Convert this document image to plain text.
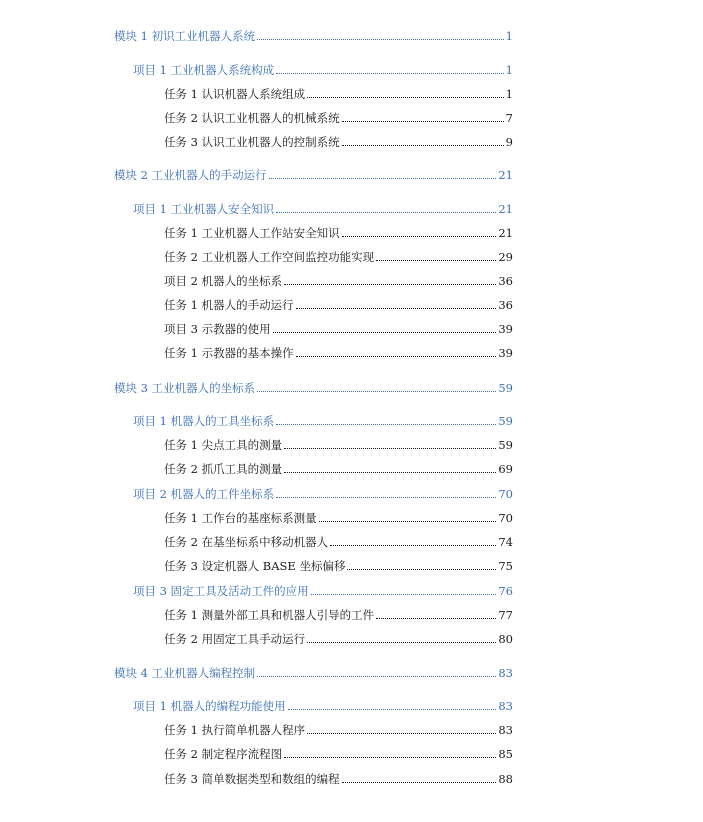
模块 1 初识工业机器人系统	1
项目 1 工业机器人系统构成	1
任务 1 认识机器人系统组成	1
任务 2 认识工业机器人的机械系统	7
任务 3 认识工业机器人的控制系统	9
模块 2 工业机器人的手动运行	21
项目 1 工业机器人安全知识	21
任务 1 工业机器人工作站安全知识	21
任务 2 工业机器人工作空间监控功能实现	29
项目 2 机器人的坐标系	36
任务 1 机器人的手动运行	36
项目 3 示教器的使用	39
任务 1 示教器的基本操作	39
模块 3 工业机器人的坐标系	59
项目 1 机器人的工具坐标系	59
任务 1 尖点工具的测量	59
任务 2 抓爪工具的测量	69
项目 2 机器人的工件坐标系	70
任务 1 工作台的基座标系测量	70
任务 2 在基坐标系中移动机器人	74
任务 3 设定机器人 BASE 坐标偏移	75
项目 3 固定工具及活动工件的应用	76
任务 1 测量外部工具和机器人引导的工件	77
任务 2 用固定工具手动运行	80
模块 4 工业机器人编程控制	83
项目 1 机器人的编程功能使用	83
任务 1 执行简单机器人程序	83
任务 2 制定程序流程图	85
任务 3 简单数据类型和数组的编程	88
